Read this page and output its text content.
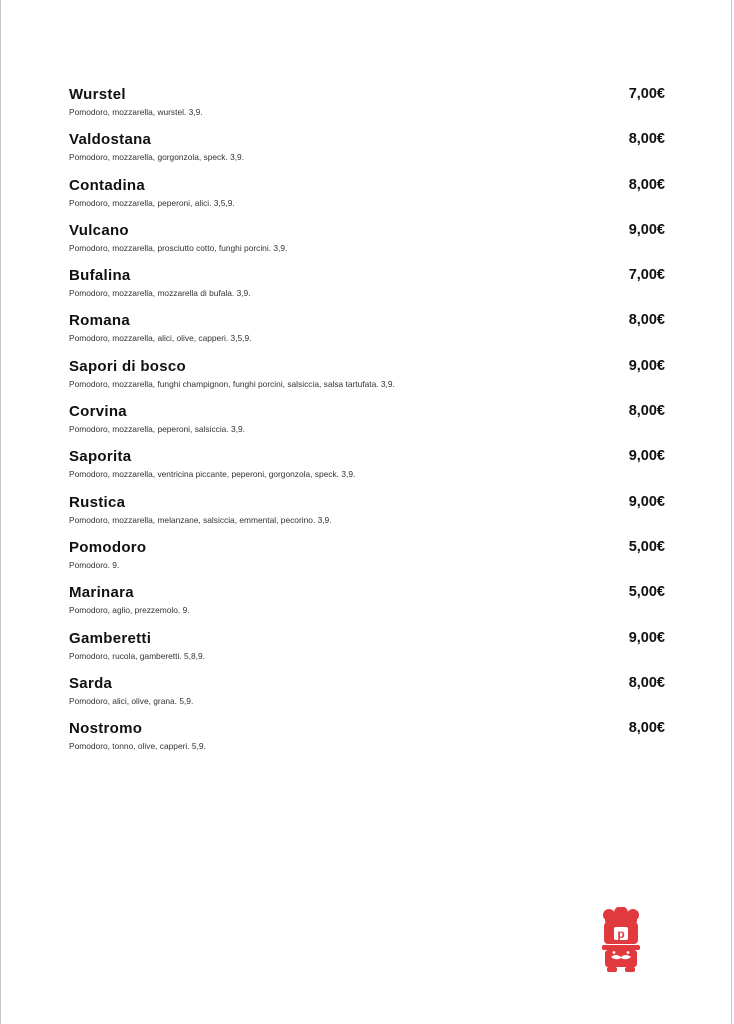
Wurstel
Pomodoro, mozzarella, wurstel. 3,9.
7,00€
Valdostana
Pomodoro, mozzarella, gorgonzola, speck. 3,9.
8,00€
Contadina
Pomodoro, mozzarella, peperoni, alici. 3,5,9.
8,00€
Vulcano
Pomodoro, mozzarella, prosciutto cotto, funghi porcini. 3,9.
9,00€
Bufalina
Pomodoro, mozzarella, mozzarella di bufala. 3,9.
7,00€
Romana
Pomodoro, mozzarella, alici, olive, capperi. 3,5,9.
8,00€
Sapori di bosco
Pomodoro, mozzarella, funghi champignon, funghi porcini, salsiccia, salsa tartufata. 3,9.
9,00€
Corvina
Pomodoro, mozzarella, peperoni, salsiccia. 3,9.
8,00€
Saporita
Pomodoro, mozzarella, ventricina piccante, peperoni, gorgonzola, speck. 3,9.
9,00€
Rustica
Pomodoro, mozzarella, melanzane, salsiccia, emmental, pecorino. 3,9.
9,00€
Pomodoro
Pomodoro. 9.
5,00€
Marinara
Pomodoro, aglio, prezzemolo. 9.
5,00€
Gamberetti
Pomodoro, rucola, gamberetti. 5,8,9.
9,00€
Sarda
Pomodoro, alici, olive, grana. 5,9.
8,00€
Nostromo
Pomodoro, tonno, olive, capperi. 5,9.
8,00€
p
